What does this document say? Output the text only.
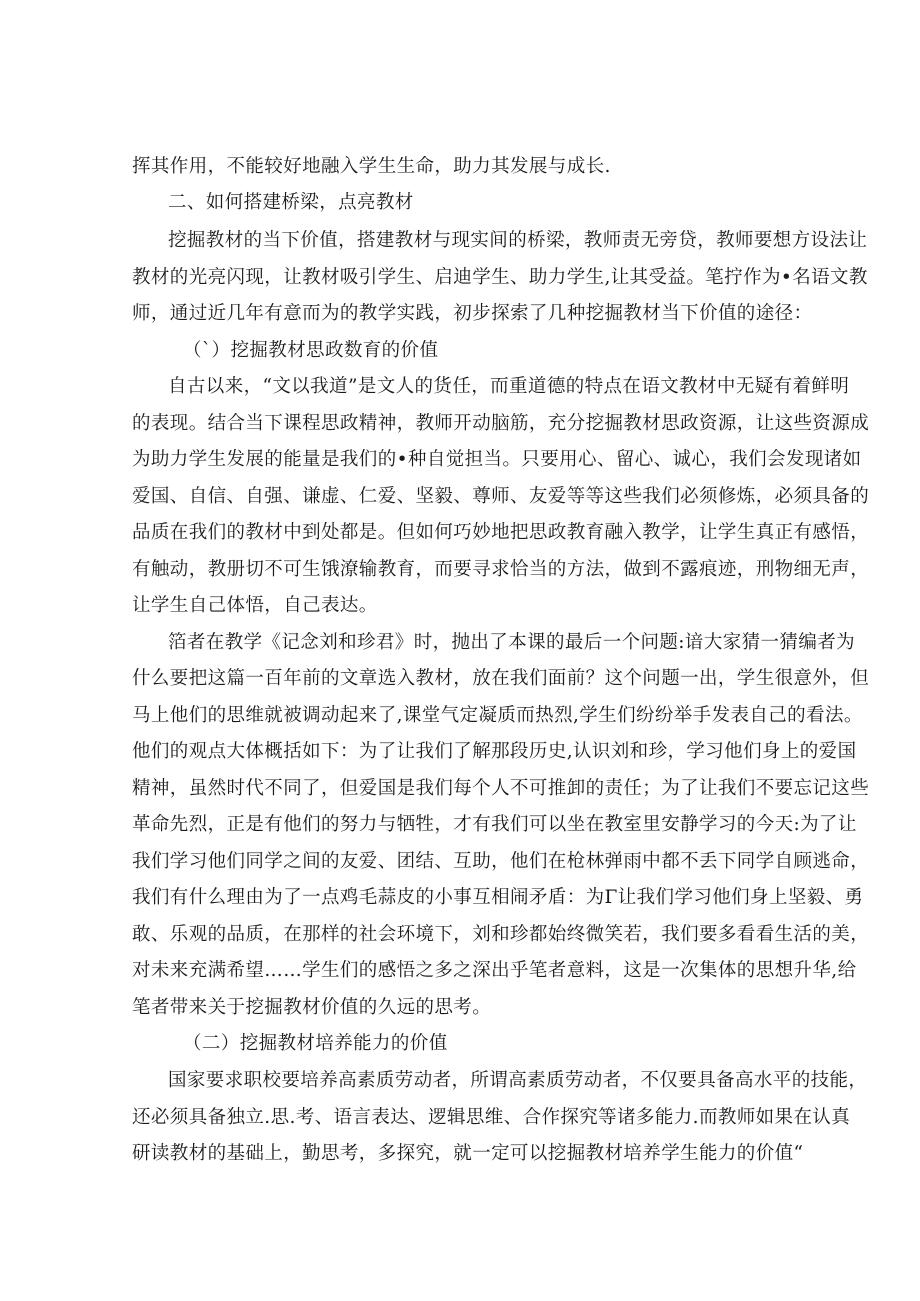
挥其作用，不能较好地融入学生生命，助力其发展与成长.
二、如何搭建桥梁，点亮教材
挖掘教材的当下价值，搭建教材与现实间的桥梁，教师责无旁贷，教师要想方设法让
教材的光亮闪现，让教材吸引学生、启迪学生、助力学生,让其受益。笔拧作为•名语文教
师，通过近几年有意而为的教学实践，初步探索了几种挖掘教材当下价值的途径：
（`）挖掘教材思政数育的价值
自古以来，“文以我道”是文人的货任，而重道德的特点在语文教材中无疑有着鲜明
的表现。结合当下课程思政精神，教师开动脑筋，充分挖掘教材思政资源，让这些资源成
为助力学生发展的能量是我们的•种自觉担当。只要用心、留心、诚心，我们会发现诸如
爱国、自信、自强、谦虚、仁爱、坚毅、尊师、友爱等等这些我们必须修炼，必须具备的
品质在我们的教材中到处都是。但如何巧妙地把思政教育融入教学，让学生真正有感悟，
有触动，教册切不可生饿潦输教育，而要寻求恰当的方法，做到不露痕迹，刑物细无声，
让学生自己体悟，自己表达。
箔者在教学《记念刘和珍君》时，抛出了本课的最后一个问题:谙大家猜一猜编者为
什么要把这篇一百年前的文章选入教材，放在我们面前？这个问题一出，学生很意外，但
马上他们的思维就被调动起来了,课堂气定凝质而热烈,学生们纷纷举手发表自己的看法。
他们的观点大体概括如下：为了让我们了解那段历史,认识刘和珍，学习他们身上的爱国
精神，虽然时代不同了，但爱国是我们每个人不可推卸的责任；为了让我们不要忘记这些
革命先烈，正是有他们的努力与牺牲，才有我们可以坐在教室里安静学习的今天:为了让
我们学习他们同学之间的友爱、团结、互助，他们在枪林弹雨中都不丢下同学自顾逃命，
我们有什么理由为了一点鸡毛蒜皮的小事互相闹矛盾：为Γ让我们学习他们身上坚毅、勇
敢、乐观的品质，在那样的社会环境下，刘和珍都始终微笑若，我们要多看看生活的美，
对未来充满希望……学生们的感悟之多之深出乎笔者意料，这是一次集体的思想升华,给
笔者带来关于挖掘教材价值的久远的思考。
（二）挖掘教材培养能力的价值
国家要求职校要培养高素质劳动者，所谓高素质劳动者，不仅要具备高水平的技能，
还必须具备独立.思.考、语言表达、逻辑思维、合作探究等诸多能力.而教师如果在认真
研读教材的基础上，勤思考，多探究，就一定可以挖掘教材培养学生能力的价值“
